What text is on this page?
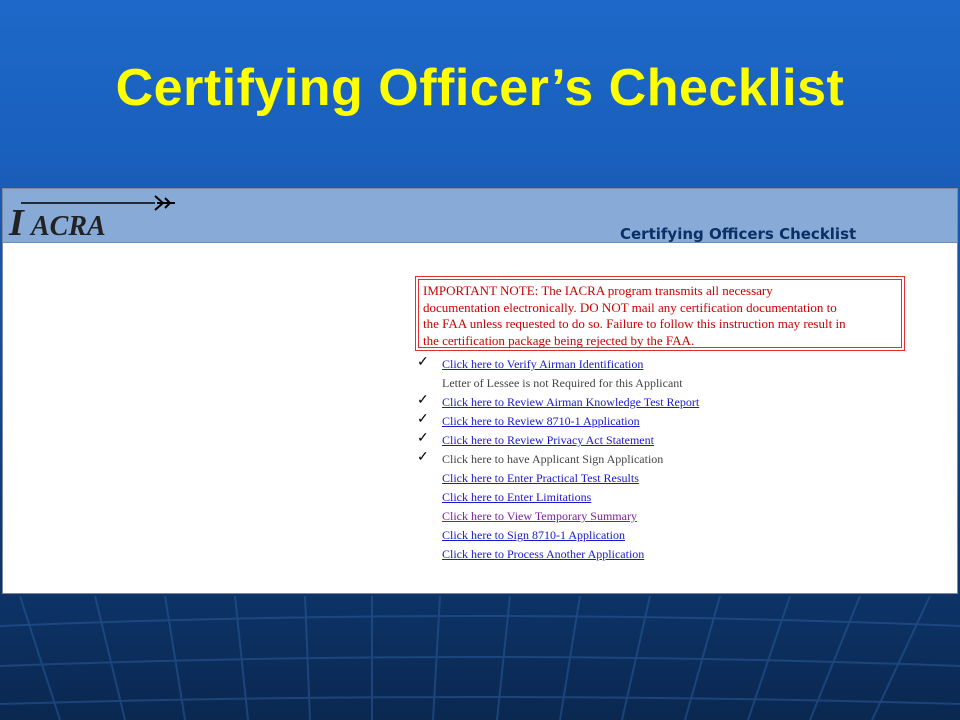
Certifying Officer’s Checklist
I ACRA	Certifying Officers Checklist
IMPORTANT NOTE: The IACRA program transmits all necessary
documentation electronically. DO NOT mail any certification documentation to
the FAA unless requested to do so. Failure to follow this instruction may result in
the certification package being rejected by the FAA.
✓ Click here to Verify Airman Identification
Letter of Lessee is not Required for this Applicant
✓ Click here to Review Airman Knowledge Test Report
✓ Click here to Review 8710-1 Application
✓ Click here to Review Privacy Act Statement
✓ Click here to have Applicant Sign Application
Click here to Enter Practical Test Results
Click here to Enter Limitations
Click here to View Temporary Summary
Click here to Sign 8710-1 Application
Click here to Process Another Application
